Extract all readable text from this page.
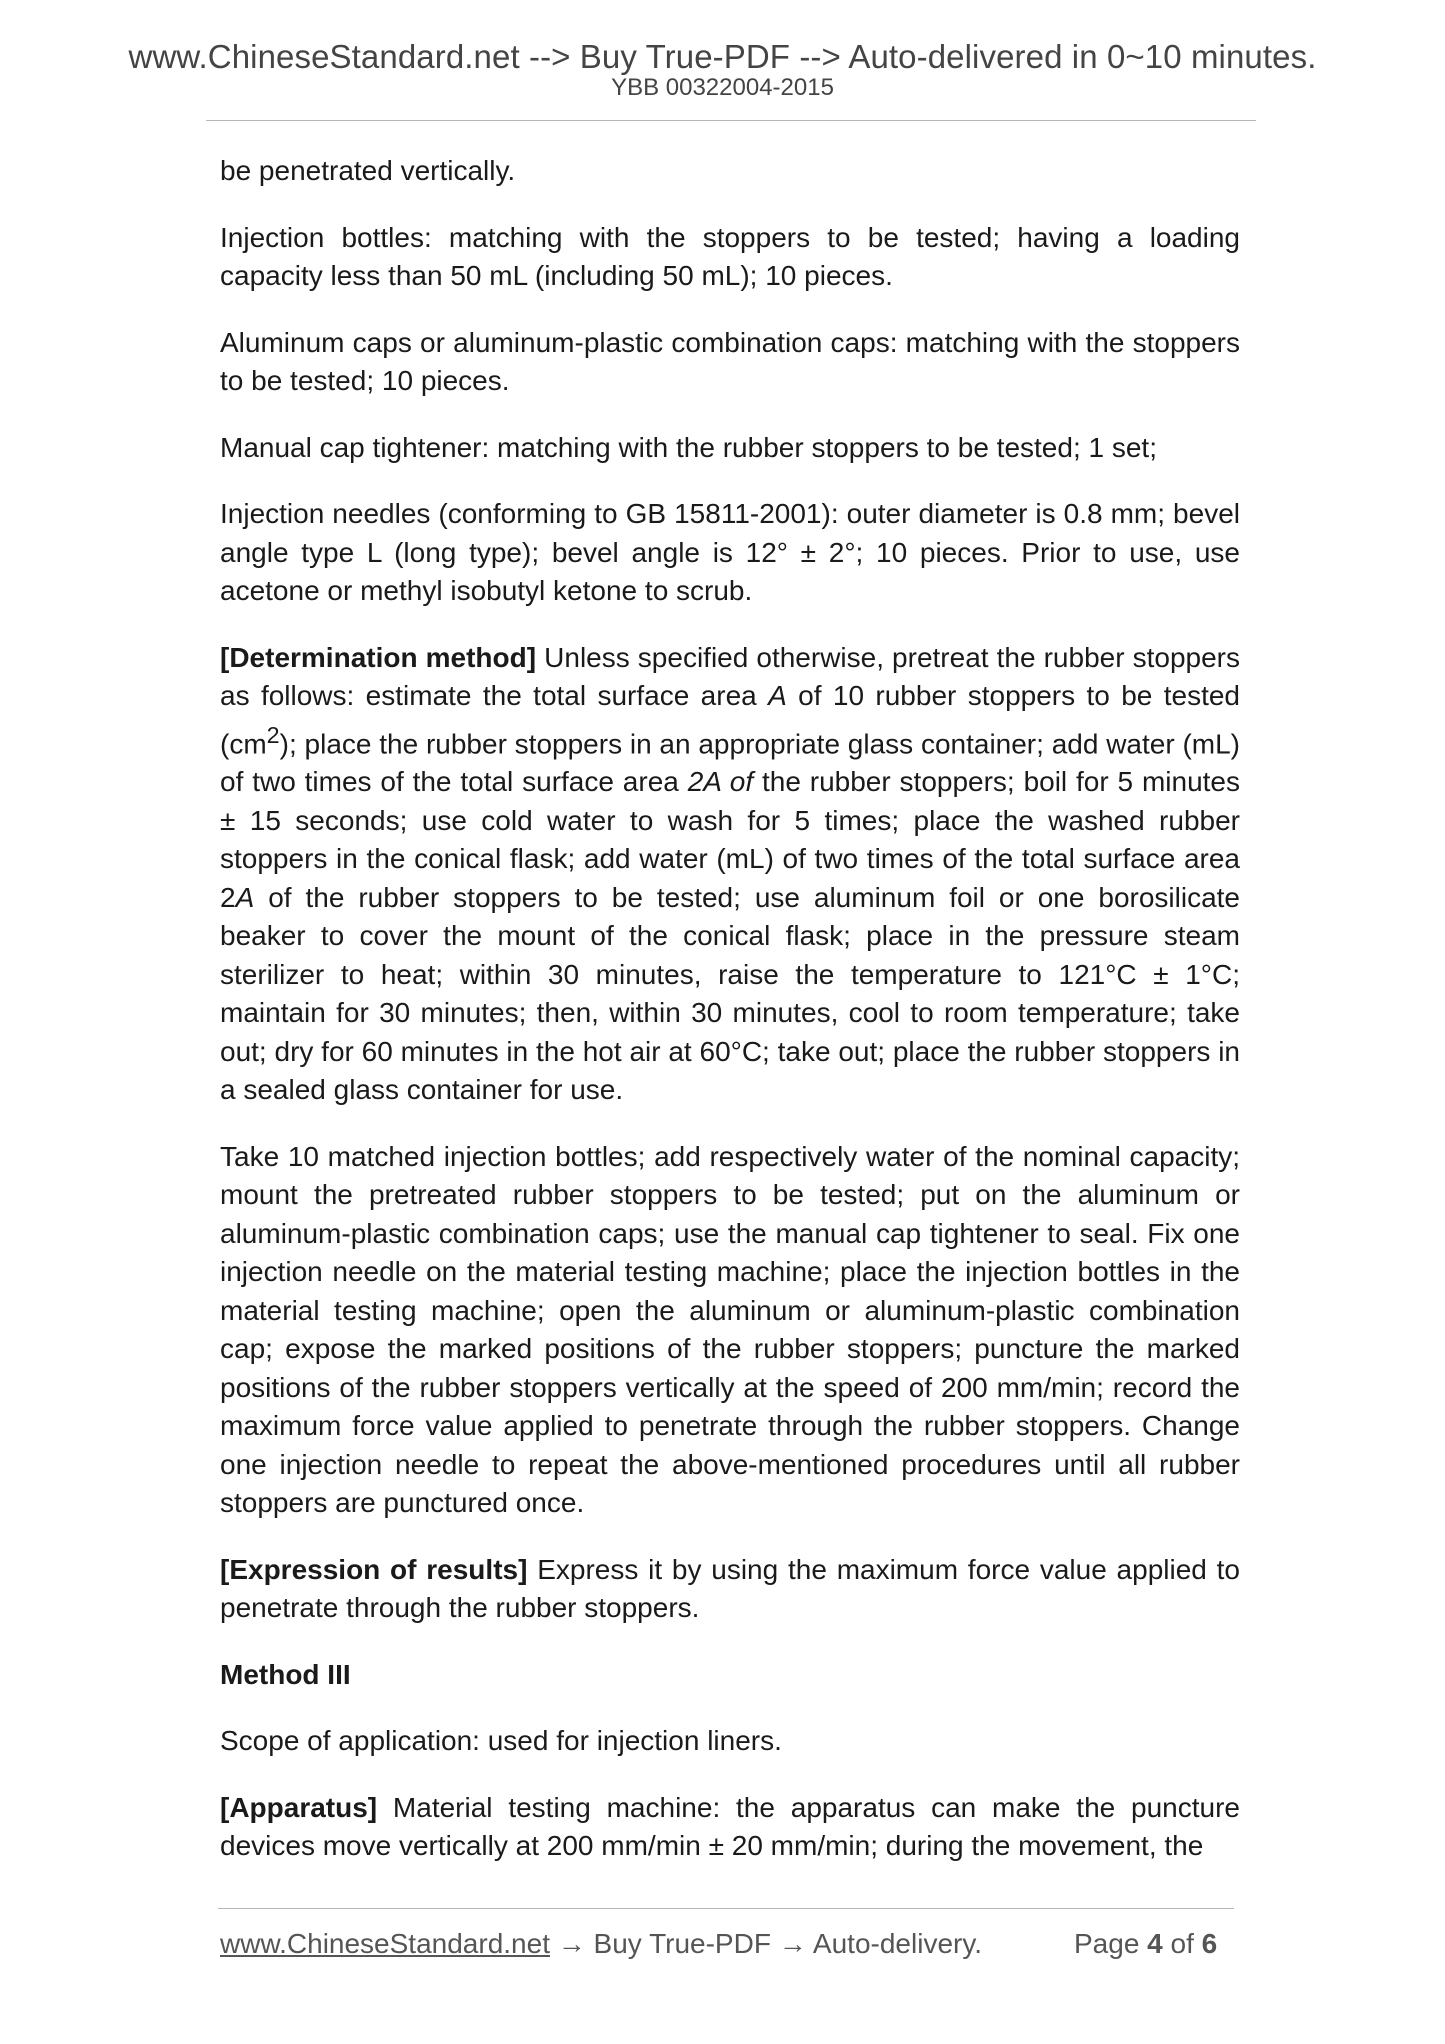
www.ChineseStandard.net --> Buy True-PDF --> Auto-delivered in 0~10 minutes.
YBB 00322004-2015

be penetrated vertically.

Injection bottles: matching with the stoppers to be tested; having a loading capacity less than 50 mL (including 50 mL); 10 pieces.

Aluminum caps or aluminum-plastic combination caps: matching with the stoppers to be tested; 10 pieces.

Manual cap tightener: matching with the rubber stoppers to be tested; 1 set;

Injection needles (conforming to GB 15811-2001): outer diameter is 0.8 mm; bevel angle type L (long type); bevel angle is 12° ± 2°; 10 pieces. Prior to use, use acetone or methyl isobutyl ketone to scrub.

[Determination method] Unless specified otherwise, pretreat the rubber stoppers as follows: estimate the total surface area A of 10 rubber stoppers to be tested $(cm^2)$; place the rubber stoppers in an appropriate glass container; add water (mL) of two times of the total surface area 2A of the rubber stoppers; boil for 5 minutes ± 15 seconds; use cold water to wash for 5 times; place the washed rubber stoppers in the conical flask; add water (mL) of two times of the total surface area 2A of the rubber stoppers to be tested; use aluminum foil or one borosilicate beaker to cover the mount of the conical flask; place in the pressure steam sterilizer to heat; within 30 minutes, raise the temperature to 121°C ± 1°C; maintain for 30 minutes; then, within 30 minutes, cool to room temperature; take out; dry for 60 minutes in the hot air at 60°C; take out; place the rubber stoppers in a sealed glass container for use.

Take 10 matched injection bottles; add respectively water of the nominal capacity; mount the pretreated rubber stoppers to be tested; put on the aluminum or aluminum-plastic combination caps; use the manual cap tightener to seal. Fix one injection needle on the material testing machine; place the injection bottles in the material testing machine; open the aluminum or aluminum-plastic combination cap; expose the marked positions of the rubber stoppers; puncture the marked positions of the rubber stoppers vertically at the speed of 200 mm/min; record the maximum force value applied to penetrate through the rubber stoppers. Change one injection needle to repeat the above-mentioned procedures until all rubber stoppers are punctured once.

[Expression of results] Express it by using the maximum force value applied to penetrate through the rubber stoppers.

Method III

Scope of application: used for injection liners.

[Apparatus] Material testing machine: the apparatus can make the puncture devices move vertically at 200 mm/min ± 20 mm/min; during the movement, the

www.ChineseStandard.net → Buy True-PDF → Auto-delivery.	Page 4 of 6
